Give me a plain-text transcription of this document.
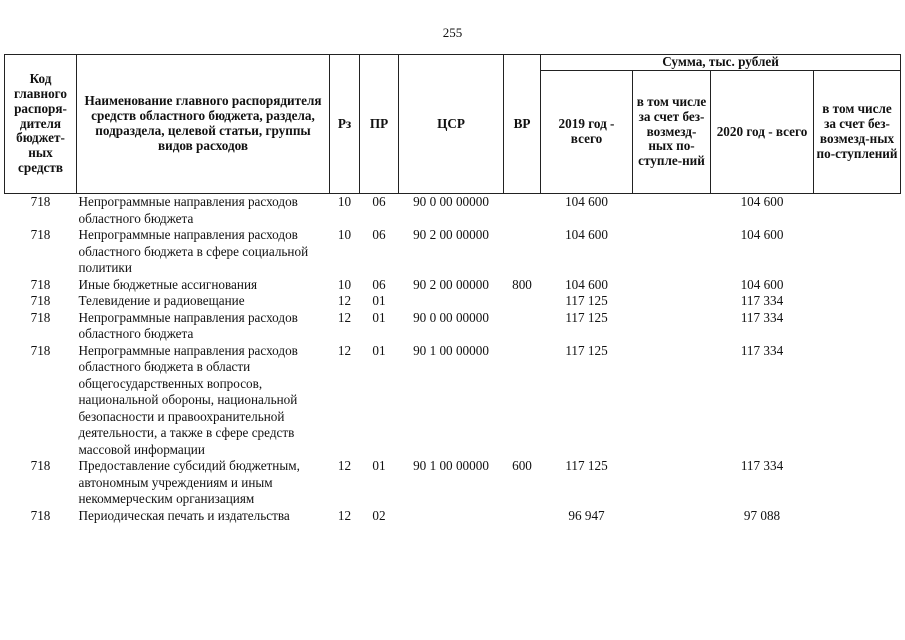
255
Код главного распоря-дителя бюджет-ных средств	Наименование главного распорядителя средств областного бюджета, раздела, подраздела, целевой статьи, группы видов расходов	Рз	ПР	ЦСР	ВР	Сумма, тыс. рублей			
						2019 год - всего	в том числе за счет без-возмезд-ных по-ступле-ний	2020 год - всего	в том числе за счет без-возмезд-ных по-ступлений
718	Непрограммные направления расходов областного бюджета	10	06	90 0 00 00000		104 600		104 600	
718	Непрограммные направления расходов областного бюджета в сфере социальной политики	10	06	90 2 00 00000		104 600		104 600	
718	Иные бюджетные ассигнования	10	06	90 2 00 00000	800	104 600		104 600	
718	Телевидение и радиовещание	12	01			117 125		117 334	
718	Непрограммные направления расходов областного бюджета	12	01	90 0 00 00000		117 125		117 334	
718	Непрограммные направления расходов областного бюджета в области общегосударственных вопросов, национальной обороны, национальной безопасности и правоохранительной деятельности, а также в сфере средств массовой информации	12	01	90 1 00 00000		117 125		117 334	
718	Предоставление субсидий бюджетным, автономным учреждениям и иным некоммерческим организациям	12	01	90 1 00 00000	600	117 125		117 334	
718	Периодическая печать и издательства	12	02			96 947		97 088	
